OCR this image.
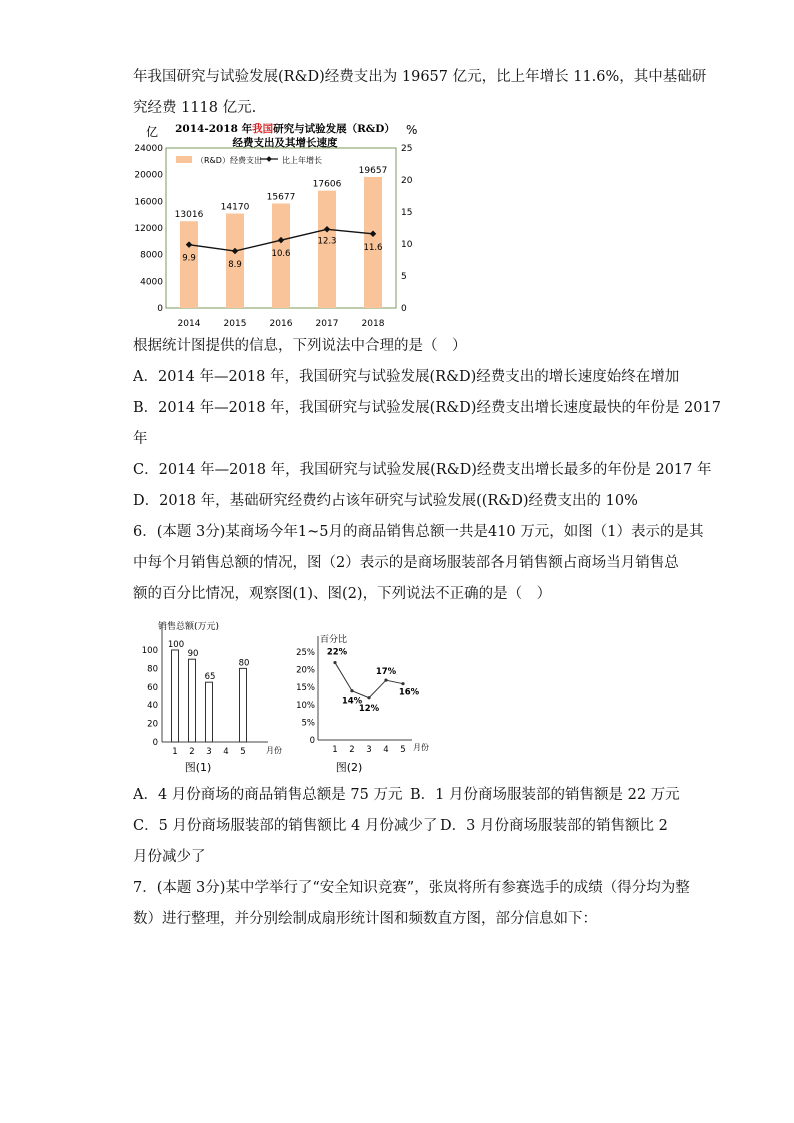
年我国研究与试验发展(R&D)经费支出为 19657 亿元，比上年增长 11.6%，其中基础研
究经费 1118 亿元.
亿	%
2014-2018 年我国研究与试验发展（R&D）
经费支出及其增长速度
（R&D）经费支出	比上年增长
0
4000
8000
12000
16000
20000
24000
0
5
10
15
20
25
13016
14170
15677
17606
19657
9.9
8.9
10.6
12.3
11.6
2014	2015	2016	2017	2018
根据统计图提供的信息，下列说法中合理的是（　）
A．2014 年—2018 年，我国研究与试验发展(R&D)经费支出的增长速度始终在增加
B．2014 年—2018 年，我国研究与试验发展(R&D)经费支出增长速度最快的年份是 2017
年
C．2014 年—2018 年，我国研究与试验发展(R&D)经费支出增长最多的年份是 2017 年
D．2018 年，基础研究经费约占该年研究与试验发展((R&D)经费支出的 10%
6．(本题 3分)某商场今年1~5月的商品销售总额一共是410 万元，如图（1）表示的是其
中每个月销售总额的情况，图（2）表示的是商场服装部各月销售额占商场当月销售总
额的百分比情况，观察图(1)、图(2)，下列说法不正确的是（　）
销售总额(万元)
月份
图(1)
0
20
40
60
80
100
1
100
2
90
3
65
4 5
80
百分比
月份
图(2)
0
5%
10%
15%
20%
25%
1 2 3 4 5
22%
14%
12%
17%
16%
A．4 月份商场的商品销售总额是 75 万元 B．1 月份商场服装部的销售额是 22 万元
C．5 月份商场服装部的销售额比 4 月份减少了 D．3 月份商场服装部的销售额比 2
月份减少了
7．(本题 3分)某中学举行了“安全知识竞赛”，张岚将所有参赛选手的成绩（得分均为整
数）进行整理，并分别绘制成扇形统计图和频数直方图，部分信息如下：
